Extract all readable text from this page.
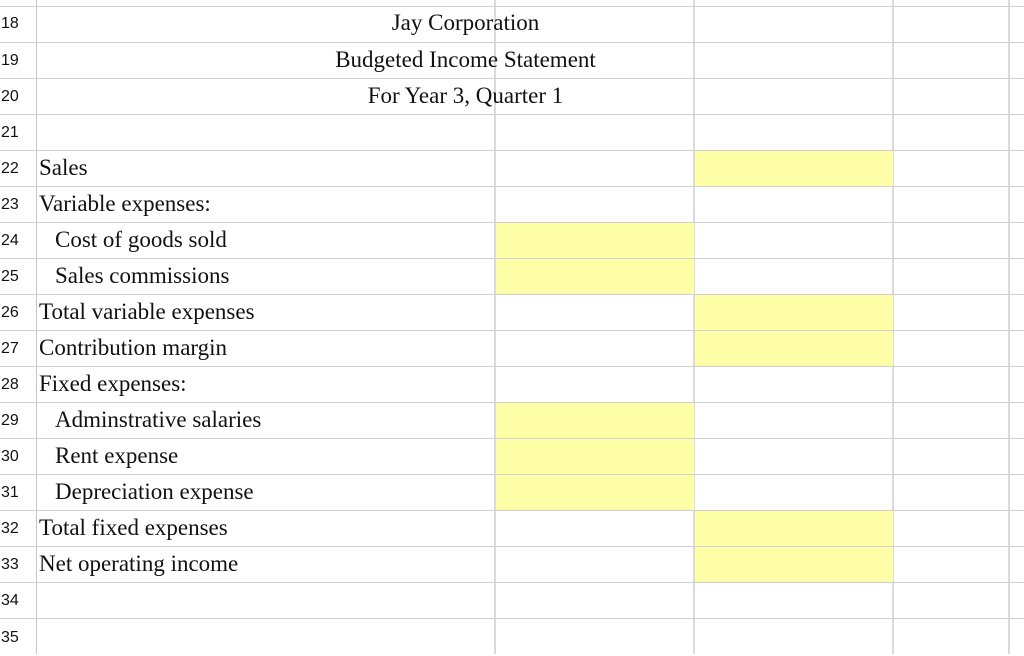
18	Jay Corporation
19	Budgeted Income Statement
20	For Year 3, Quarter 1
21
22 Sales
23 Variable expenses:
24	Cost of goods sold
25	Sales commissions
26 Total variable expenses
27 Contribution margin
28 Fixed expenses:
29	Adminstrative salaries
30	Rent expense
31	Depreciation expense
32 Total fixed expenses
33 Net operating income
34
35
